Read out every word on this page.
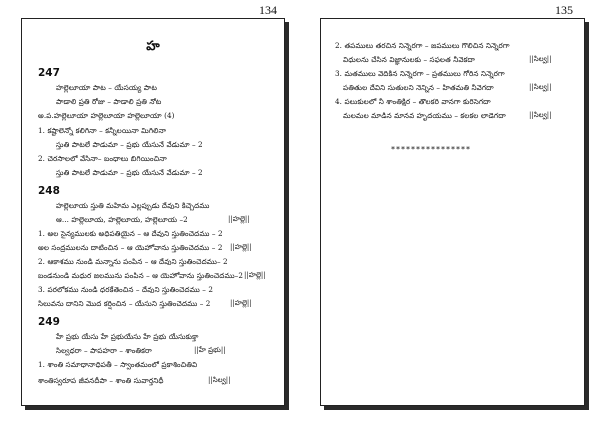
134	135
హ
247
హల్లెలూయా పాట – యేసయ్య పాట
పాడాలి ప్రతి రోజు – పాడాలి ప్రతి నోట
అ.ప.హల్లెలూయా హల్లెలూయా హల్లెలూయా (4)
1. కష్టాలెన్నో కలిగినా – కన్నీలయినా మిగిలినా
స్తుతి పాటలే పాడుమా – ప్రభు యేసునే వేడుమా – 2
2. చెరసాలలో వేసినా– బంధాలు బిగియించినా
స్తుతి పాటలే పాడుమా – ప్రభు యేసునే వేడుమా – 2
248
హల్లెలూయ స్తుతి మహిమ ఎల్లప్పుడు దేవుని కిచ్చెదము
ఆ... హల్లెలూయ, హల్లెలూయ, హల్లెలూయ –2	||హల్లె||
1. అల సైన్యములకు అధిపతియైన – ఆ దేవుని స్తుతించెదము – 2
అల సంద్రములను దాటించిన – ఆ యెహోవాను స్తుతించెదము – 2 ||హల్లె||
2. ఆకాశము నుండి మన్నాను పంపిన – ఆ దేవుని స్తుతించెదము– 2
బండనుండి మధుర జలమును పంపిన – ఆ యెహోవాను స్తుతించెదము–2 ||హల్లె||
3. పరలోకము నుండి ధరకేతెంచిన – దేవుని స్తుతించెదము – 2
సిలువను దానిని మొద కర్షించిన – యేసుని స్తుతించెదము – 2	||హల్లె||
249
హే ప్రభు యేసు హే ప్రభుయేసు హే ప్రభు యేసుకుక్తా
సిల్వధరా – పాపహరా – శాంతికరా	||హే ప్రభు||
1. శాంతి సమాధానాధిపతీ – స్వాంతమంలో ప్రకాశించితివి
శాంతిస్వరూప జీవనదీపా – శాంతి సువార్తనిధీ	||సిల్వ||
2. తపములు తరచిన నిన్నెరగా – జపములు గొలిచిన నిన్నెరగా
విధులను చేసిన విజ్ఞానులకు – సఫలత నీవెకదా	||సిల్వ||
3. మతములు వెదికిన నిన్నెరగా – ప్రతములు గోరిన నిన్నెరగా
పతితుల దేవిని సుతులని నెన్నిన – హితమతి నీవెగదా	||సిల్వ||
4. పలుకులలో నీ శాంతిక్షిర – తొలకరి వానగా కురిసెగదా
మలమల మాడిన మానవ హృదయము – కలకల లాడెగదా	||సిల్వ||
****************
